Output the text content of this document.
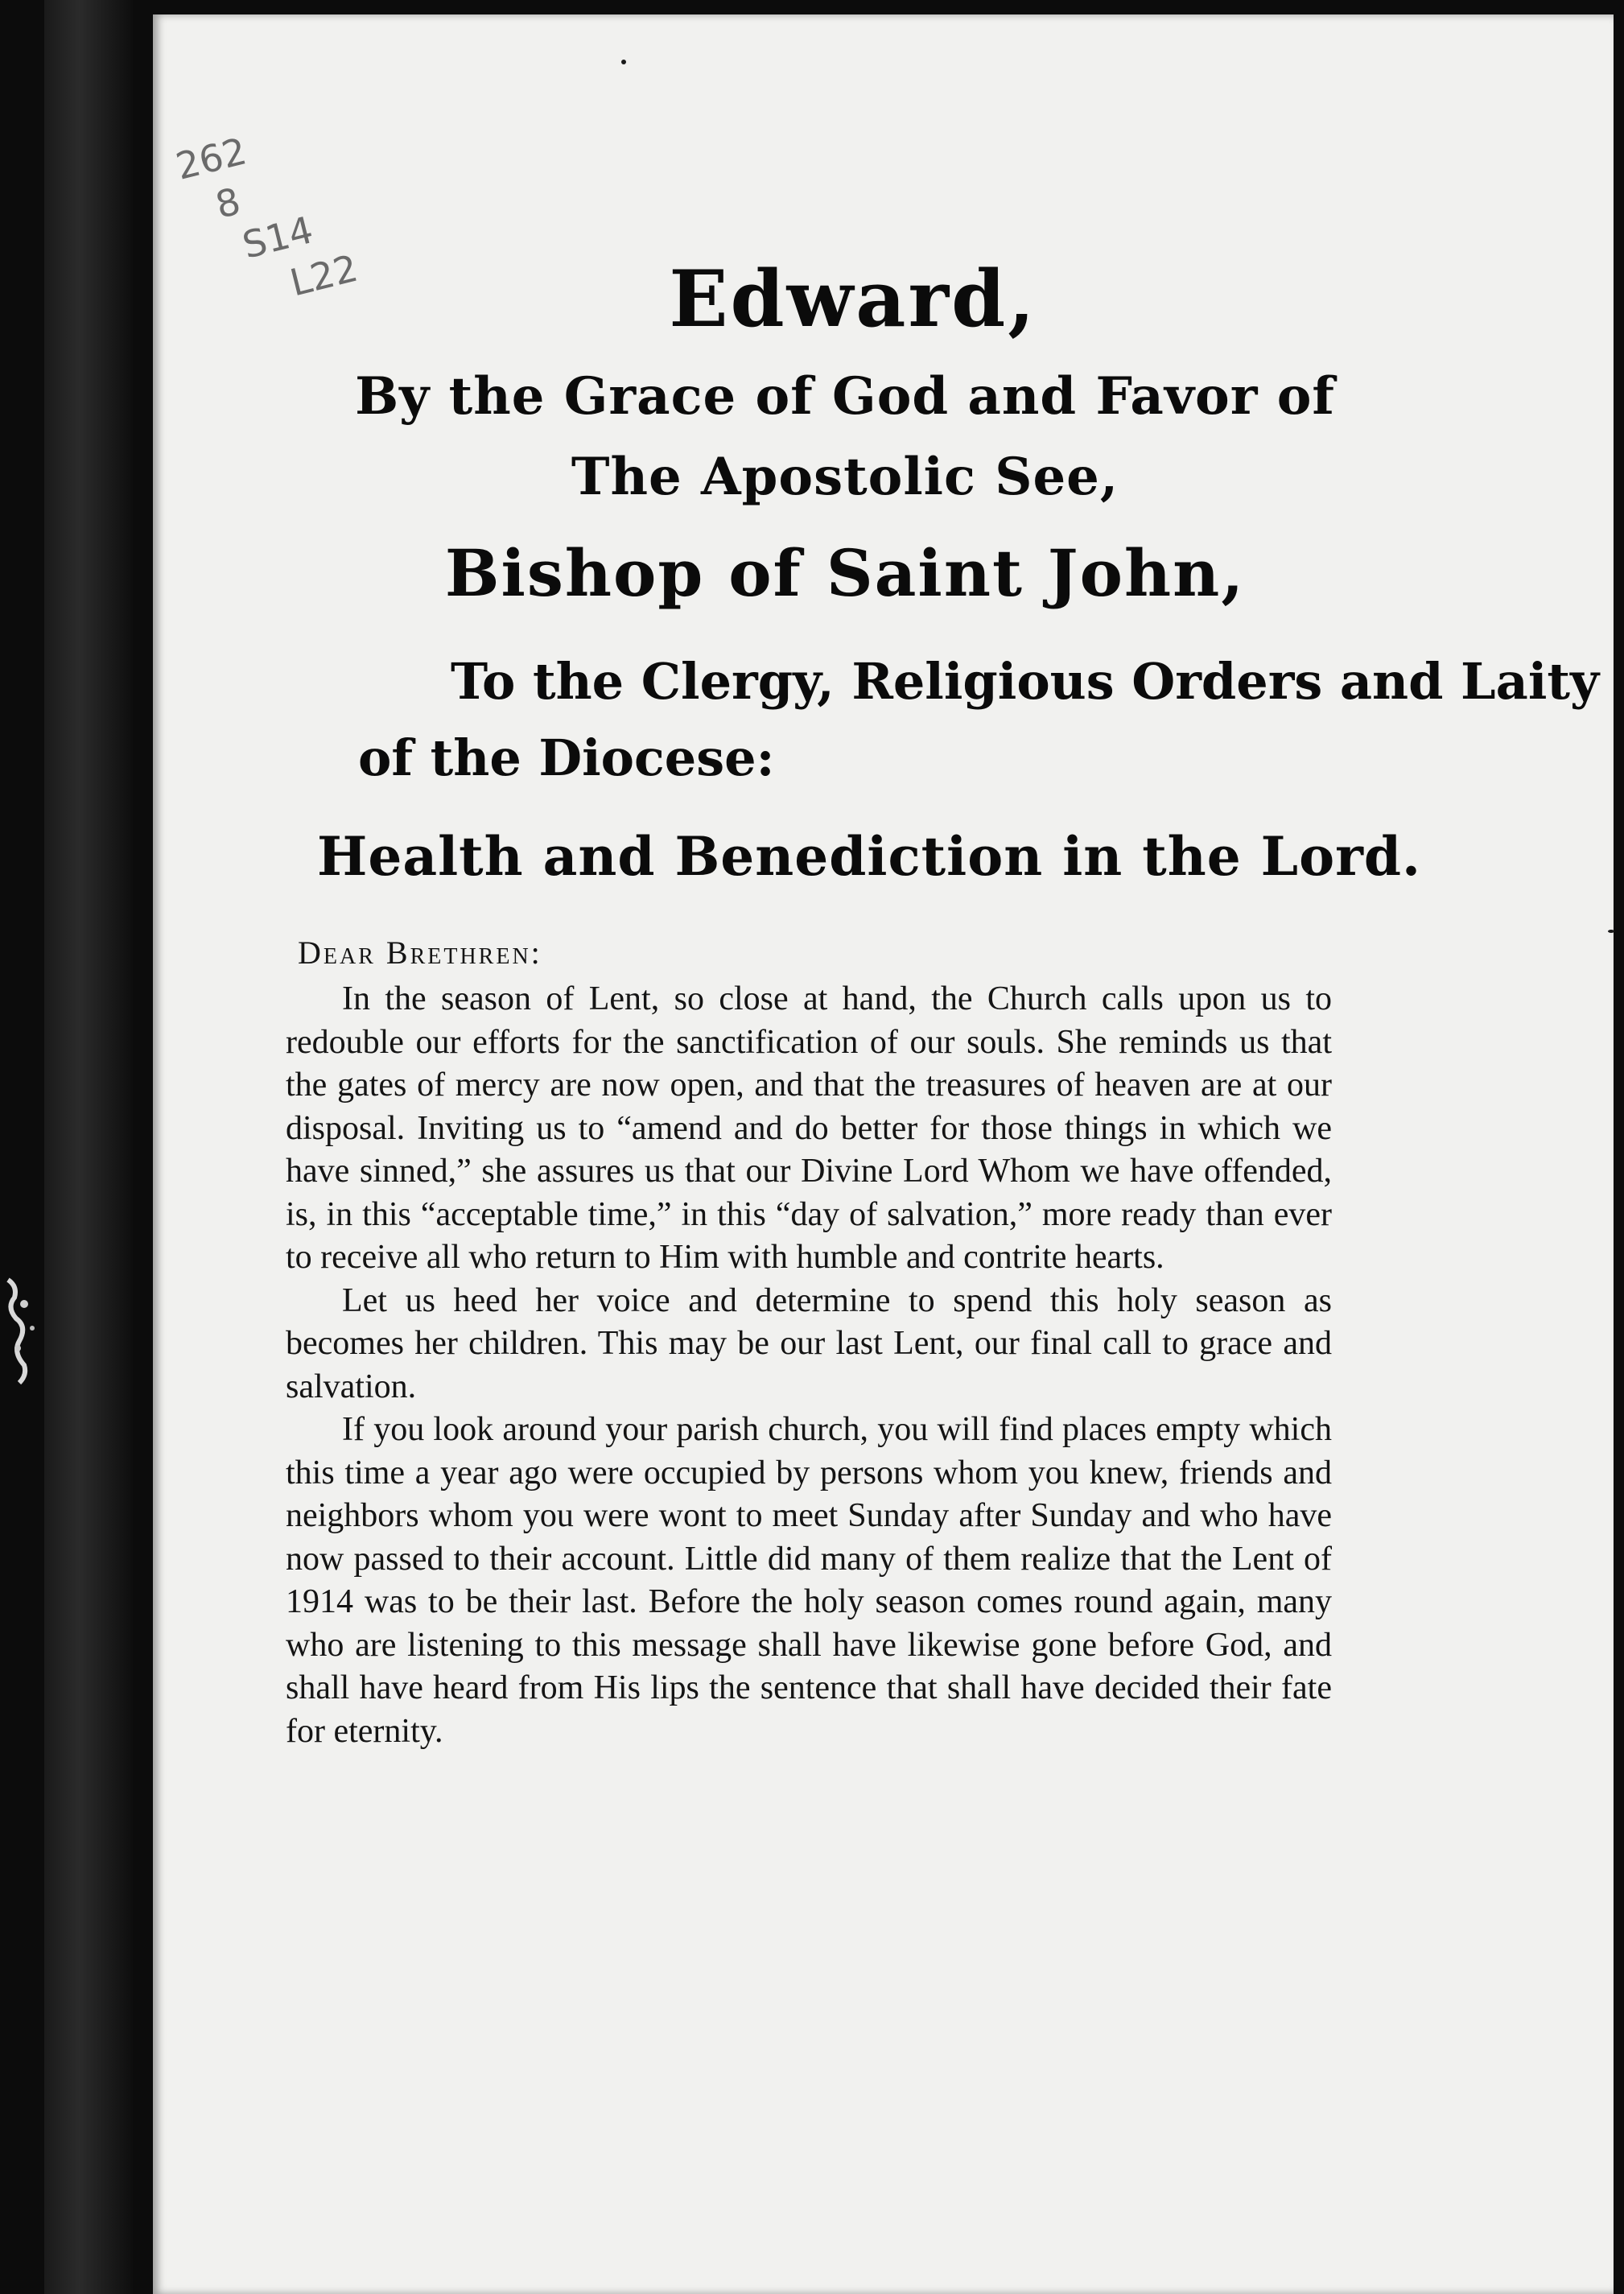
262
8
S14
L22	Edward,
By the Grace of God and Favor of
The Apostolic See,
Bishop of Saint John,
To the Clergy, Religious Orders and Laity
of the Diocese:
Health and Benediction in the Lord.
Dear Brethren:

In the season of Lent, so close at hand, the Church calls upon us to redouble our efforts for the sanctification of our souls. She reminds us that the gates of mercy are now open, and that the treasures of heaven are at our disposal. Inviting us to “amend and do better for those things in which we have sinned,” she assures us that our Divine Lord Whom we have offended, is, in this “acceptable time,” in this “day of salvation,” more ready than ever to receive all who return to Him with humble and contrite hearts.

Let us heed her voice and determine to spend this holy season as becomes her children. This may be our last Lent, our final call to grace and salvation.

If you look around your parish church, you will find places empty which this time a year ago were occupied by persons whom you knew, friends and neighbors whom you were wont to meet Sunday after Sunday and who have now passed to their account. Little did many of them realize that the Lent of 1914 was to be their last. Before the holy season comes round again, many who are listening to this message shall have likewise gone before God, and shall have heard from His lips the sentence that shall have decided their fate for eternity.
